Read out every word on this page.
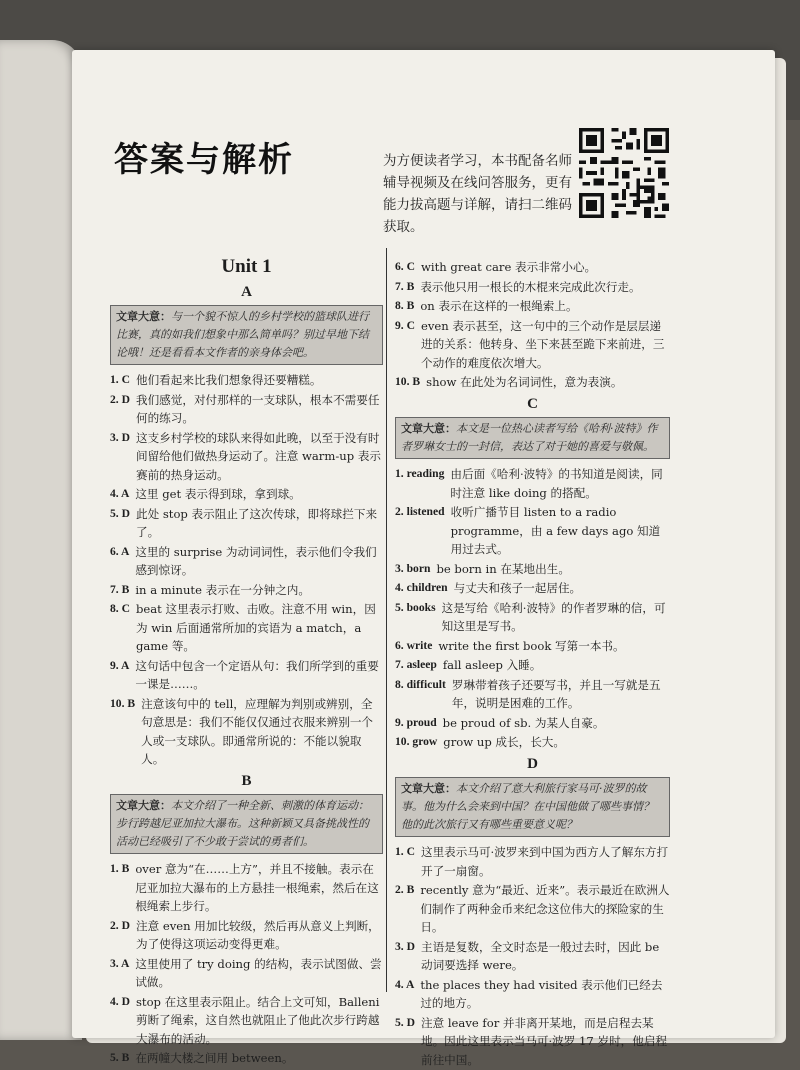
答案与解析	为方便读者学习，本书配备名师辅导视频及在线问答服务，更有能力拔高题与详解，请扫二维码获取。
Unit 1
A
文章大意：与一个貌不惊人的乡村学校的篮球队进行比赛，真的如我们想象中那么简单吗？别过早地下结论哦！还是看看本文作者的亲身体会吧。
1. C 他们看起来比我们想象得还要糟糕。
2. D 我们感觉，对付那样的一支球队，根本不需要任何的练习。
3. D 这支乡村学校的球队来得如此晚，以至于没有时间留给他们做热身运动了。注意 warm-up 表示赛前的热身运动。
4. A 这里 get 表示得到球，拿到球。
5. D 此处 stop 表示阻止了这次传球，即将球拦下来了。
6. A 这里的 surprise 为动词词性，表示他们令我们感到惊讶。
7. B in a minute 表示在一分钟之内。
8. C beat 这里表示打败、击败。注意不用 win，因为 win 后面通常所加的宾语为 a match，a game 等。
9. A 这句话中包含一个定语从句：我们所学到的重要一课是……。
10. B 注意该句中的 tell，应理解为判别或辨别，全句意思是：我们不能仅仅通过衣服来辨别一个人或一支球队。即通常所说的：不能以貌取人。
B
文章大意：本文介绍了一种全新、刺激的体育运动：步行跨越尼亚加拉大瀑布。这种新颖又具备挑战性的活动已经吸引了不少敢于尝试的勇者们。
1. B over 意为“在……上方”，并且不接触。表示在尼亚加拉大瀑布的上方悬挂一根绳索，然后在这根绳索上步行。
2. D 注意 even 用加比较级，然后再从意义上判断，为了使得这项运动变得更难。
3. A 这里使用了 try doing 的结构，表示试图做、尝试做。
4. D stop 在这里表示阻止。结合上文可知，Balleni 剪断了绳索，这自然也就阻止了他此次步行跨越大瀑布的活动。
5. B 在两幢大楼之间用 between。
6. C with great care 表示非常小心。
7. B 表示他只用一根长的木棍来完成此次行走。
8. B on 表示在这样的一根绳索上。
9. C even 表示甚至，这一句中的三个动作是层层递进的关系：他转身、坐下来甚至跪下来前进，三个动作的难度依次增大。
10. B show 在此处为名词词性，意为表演。
C
文章大意：本文是一位热心读者写给《哈利·波特》作者罗琳女士的一封信，表达了对于她的喜爱与敬佩。
1. reading 由后面《哈利·波特》的书知道是阅读，同时注意 like doing 的搭配。
2. listened 收听广播节目 listen to a radio programme，由 a few days ago 知道用过去式。
3. born be born in 在某地出生。
4. children 与丈夫和孩子一起居住。
5. books 这是写给《哈利·波特》的作者罗琳的信，可知这里是写书。
6. write write the first book 写第一本书。
7. asleep fall asleep 入睡。
8. difficult 罗琳带着孩子还要写书，并且一写就是五年，说明是困难的工作。
9. proud be proud of sb. 为某人自豪。
10. grow grow up 成长，长大。
D
文章大意：本文介绍了意大利旅行家马可·波罗的故事。他为什么会来到中国？在中国他做了哪些事情？他的此次旅行又有哪些重要意义呢？
1. C 这里表示马可·波罗来到中国为西方人了解东方打开了一扇窗。
2. B recently 意为“最近、近来”。表示最近在欧洲人们制作了两种金币来纪念这位伟大的探险家的生日。
3. D 主语是复数，全文时态是一般过去时，因此 be 动词要选择 were。
4. A the places they had visited 表示他们已经去过的地方。
5. D 注意 leave for 并非离开某地，而是启程去某地。因此这里表示当马可·波罗 17 岁时，他启程前往中国。
